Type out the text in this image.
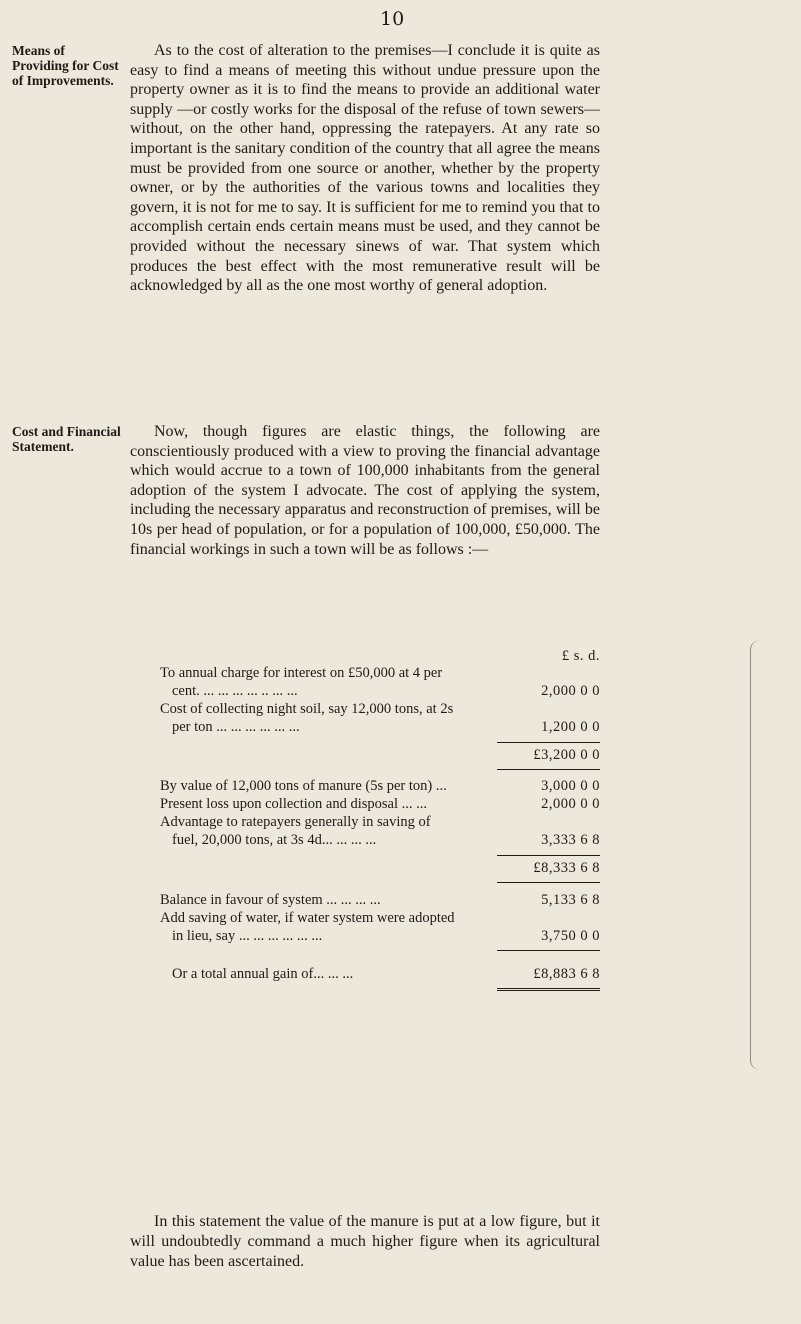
10
Means of Providing for Cost of Improvements.

As to the cost of alteration to the premises—I conclude it is quite as easy to find a means of meeting this without undue pressure upon the property owner as it is to find the means to provide an additional water supply —or costly works for the disposal of the refuse of town sewers—without, on the other hand, oppressing the ratepayers. At any rate so important is the sanitary condition of the country that all agree the means must be provided from one source or another, whether by the property owner, or by the authorities of the various towns and localities they govern, it is not for me to say. It is sufficient for me to remind you that to accomplish certain ends certain means must be used, and they cannot be provided without the necessary sinews of war. That system which produces the best effect with the most remunerative result will be acknowledged by all as the one most worthy of general adoption.

Cost and Financial Statement.

Now, though figures are elastic things, the following are conscientiously produced with a view to proving the financial advantage which would accrue to a town of 100,000 inhabitants from the general adoption of the system I advocate. The cost of applying the system, including the necessary apparatus and reconstruction of premises, will be 10s per head of population, or for a population of 100,000, £50,000. The financial workings in such a town will be as follows :—

£ s. d.
To annual charge for interest on £50,000 at 4 per
cent. ... ... ... ... .. ... ...	2,000 0 0
Cost of collecting night soil, say 12,000 tons, at 2s
per ton ... ... ... ... ... ...	1,200 0 0
£3,200 0 0
By value of 12,000 tons of manure (5s per ton) ...	3,000 0 0
Present loss upon collection and disposal ... ...	2,000 0 0
Advantage to ratepayers generally in saving of
fuel, 20,000 tons, at 3s 4d... ... ... ...	3,333 6 8
£8,333 6 8
Balance in favour of system ... ... ... ...	5,133 6 8
Add saving of water, if water system were adopted
in lieu, say ... ... ... ... ... ...	3,750 0 0
Or a total annual gain of... ... ...	£8,883 6 8

In this statement the value of the manure is put at a low figure, but it will undoubtedly command a much higher figure when its agricultural value has been ascertained.
